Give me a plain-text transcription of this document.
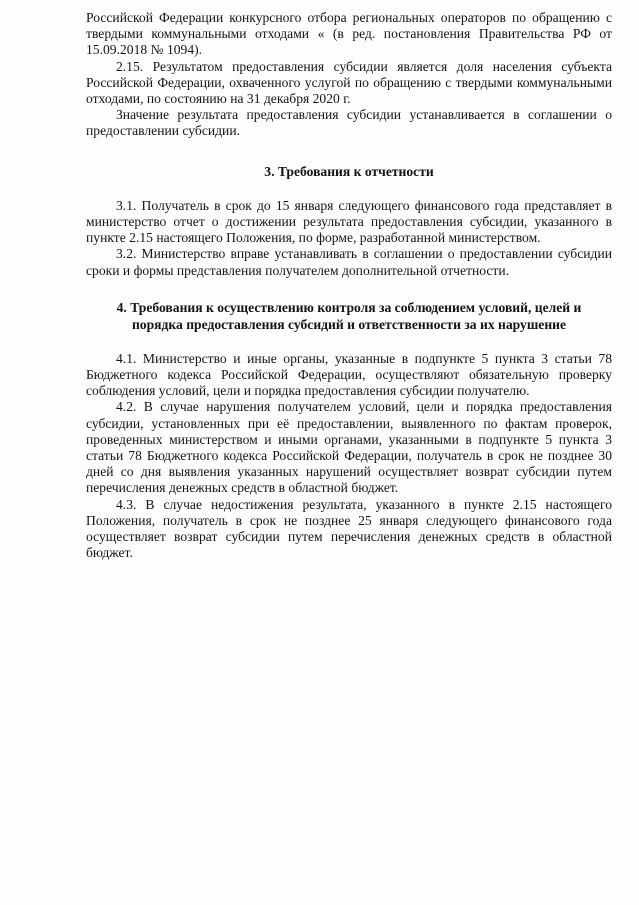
Российской Федерации конкурсного отбора региональных операторов по обращению с твердыми коммунальными отходами « (в ред. постановления Правительства РФ от 15.09.2018 № 1094).

2.15. Результатом предоставления субсидии является доля населения субъекта Российской Федерации, охваченного услугой по обращению с твердыми коммунальными отходами, по состоянию на 31 декабря 2020 г.

Значение результата предоставления субсидии устанавливается в соглашении о предоставлении субсидии.

3. Требования к отчетности

3.1. Получатель в срок до 15 января следующего финансового года представляет в министерство отчет о достижении результата предоставления субсидии, указанного в пункте 2.15 настоящего Положения, по форме, разработанной министерством.

3.2. Министерство вправе устанавливать в соглашении о предоставлении субсидии сроки и формы представления получателем дополнительной отчетности.

4. Требования к осуществлению контроля за соблюдением условий, целей и
порядка предоставления субсидий и ответственности за их нарушение

4.1. Министерство и иные органы, указанные в подпункте 5 пункта 3 статьи 78 Бюджетного кодекса Российской Федерации, осуществляют обязательную проверку соблюдения условий, цели и порядка предоставления субсидии получателю.

4.2. В случае нарушения получателем условий, цели и порядка предоставления субсидии, установленных при её предоставлении, выявленного по фактам проверок, проведенных министерством и иными органами, указанными в подпункте 5 пункта 3 статьи 78 Бюджетного кодекса Российской Федерации, получатель в срок не позднее 30 дней со дня выявления указанных нарушений осуществляет возврат субсидии путем перечисления денежных средств в областной бюджет.

4.3. В случае недостижения результата, указанного в пункте 2.15 настоящего Положения, получатель в срок не позднее 25 января следующего финансового года осуществляет возврат субсидии путем перечисления денежных средств в областной бюджет.
